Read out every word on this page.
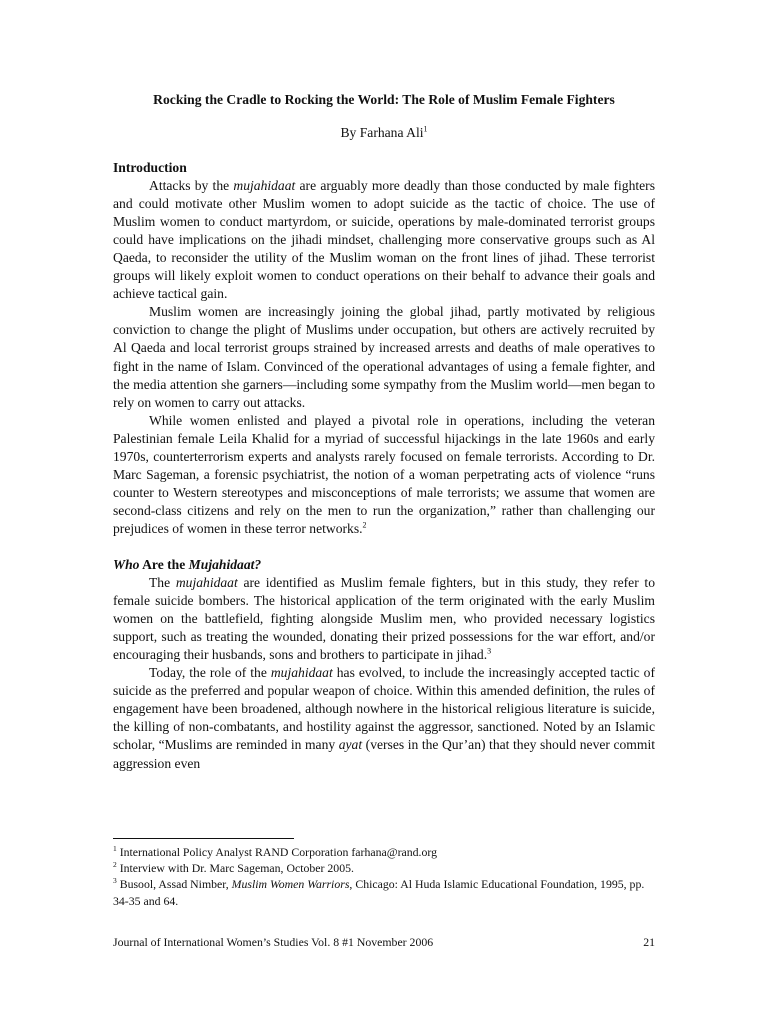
Rocking the Cradle to Rocking the World: The Role of Muslim Female Fighters
By Farhana Ali$^1$
Introduction

Attacks by the mujahidaat are arguably more deadly than those conducted by male fighters and could motivate other Muslim women to adopt suicide as the tactic of choice. The use of Muslim women to conduct martyrdom, or suicide, operations by male-dominated terrorist groups could have implications on the jihadi mindset, challenging more conservative groups such as Al Qaeda, to reconsider the utility of the Muslim woman on the front lines of jihad. These terrorist groups will likely exploit women to conduct operations on their behalf to advance their goals and achieve tactical gain.

Muslim women are increasingly joining the global jihad, partly motivated by religious conviction to change the plight of Muslims under occupation, but others are actively recruited by Al Qaeda and local terrorist groups strained by increased arrests and deaths of male operatives to fight in the name of Islam. Convinced of the operational advantages of using a female fighter, and the media attention she garners—including some sympathy from the Muslim world—men began to rely on women to carry out attacks.

While women enlisted and played a pivotal role in operations, including the veteran Palestinian female Leila Khalid for a myriad of successful hijackings in the late 1960s and early 1970s, counterterrorism experts and analysts rarely focused on female terrorists. According to Dr. Marc Sageman, a forensic psychiatrist, the notion of a woman perpetrating acts of violence “runs counter to Western stereotypes and misconceptions of male terrorists; we assume that women are second-class citizens and rely on the men to run the organization,” rather than challenging our prejudices of women in these terror networks.$^2$

Who Are the Mujahidaat?

The mujahidaat are identified as Muslim female fighters, but in this study, they refer to female suicide bombers. The historical application of the term originated with the early Muslim women on the battlefield, fighting alongside Muslim men, who provided necessary logistics support, such as treating the wounded, donating their prized possessions for the war effort, and/or encouraging their husbands, sons and brothers to participate in jihad.$^3$

Today, the role of the mujahidaat has evolved, to include the increasingly accepted tactic of suicide as the preferred and popular weapon of choice. Within this amended definition, the rules of engagement have been broadened, although nowhere in the historical religious literature is suicide, the killing of non-combatants, and hostility against the aggressor, sanctioned. Noted by an Islamic scholar, “Muslims are reminded in many ayat (verses in the Qur’an) that they should never commit aggression even

$^1$ International Policy Analyst RAND Corporation farhana@rand.org
$^2$ Interview with Dr. Marc Sageman, October 2005.
$^3$ Busool, Assad Nimber, Muslim Women Warriors, Chicago: Al Huda Islamic Educational Foundation, 1995, pp. 34-35 and 64.
Journal of International Women’s Studies Vol. 8 #1 November 2006	21
